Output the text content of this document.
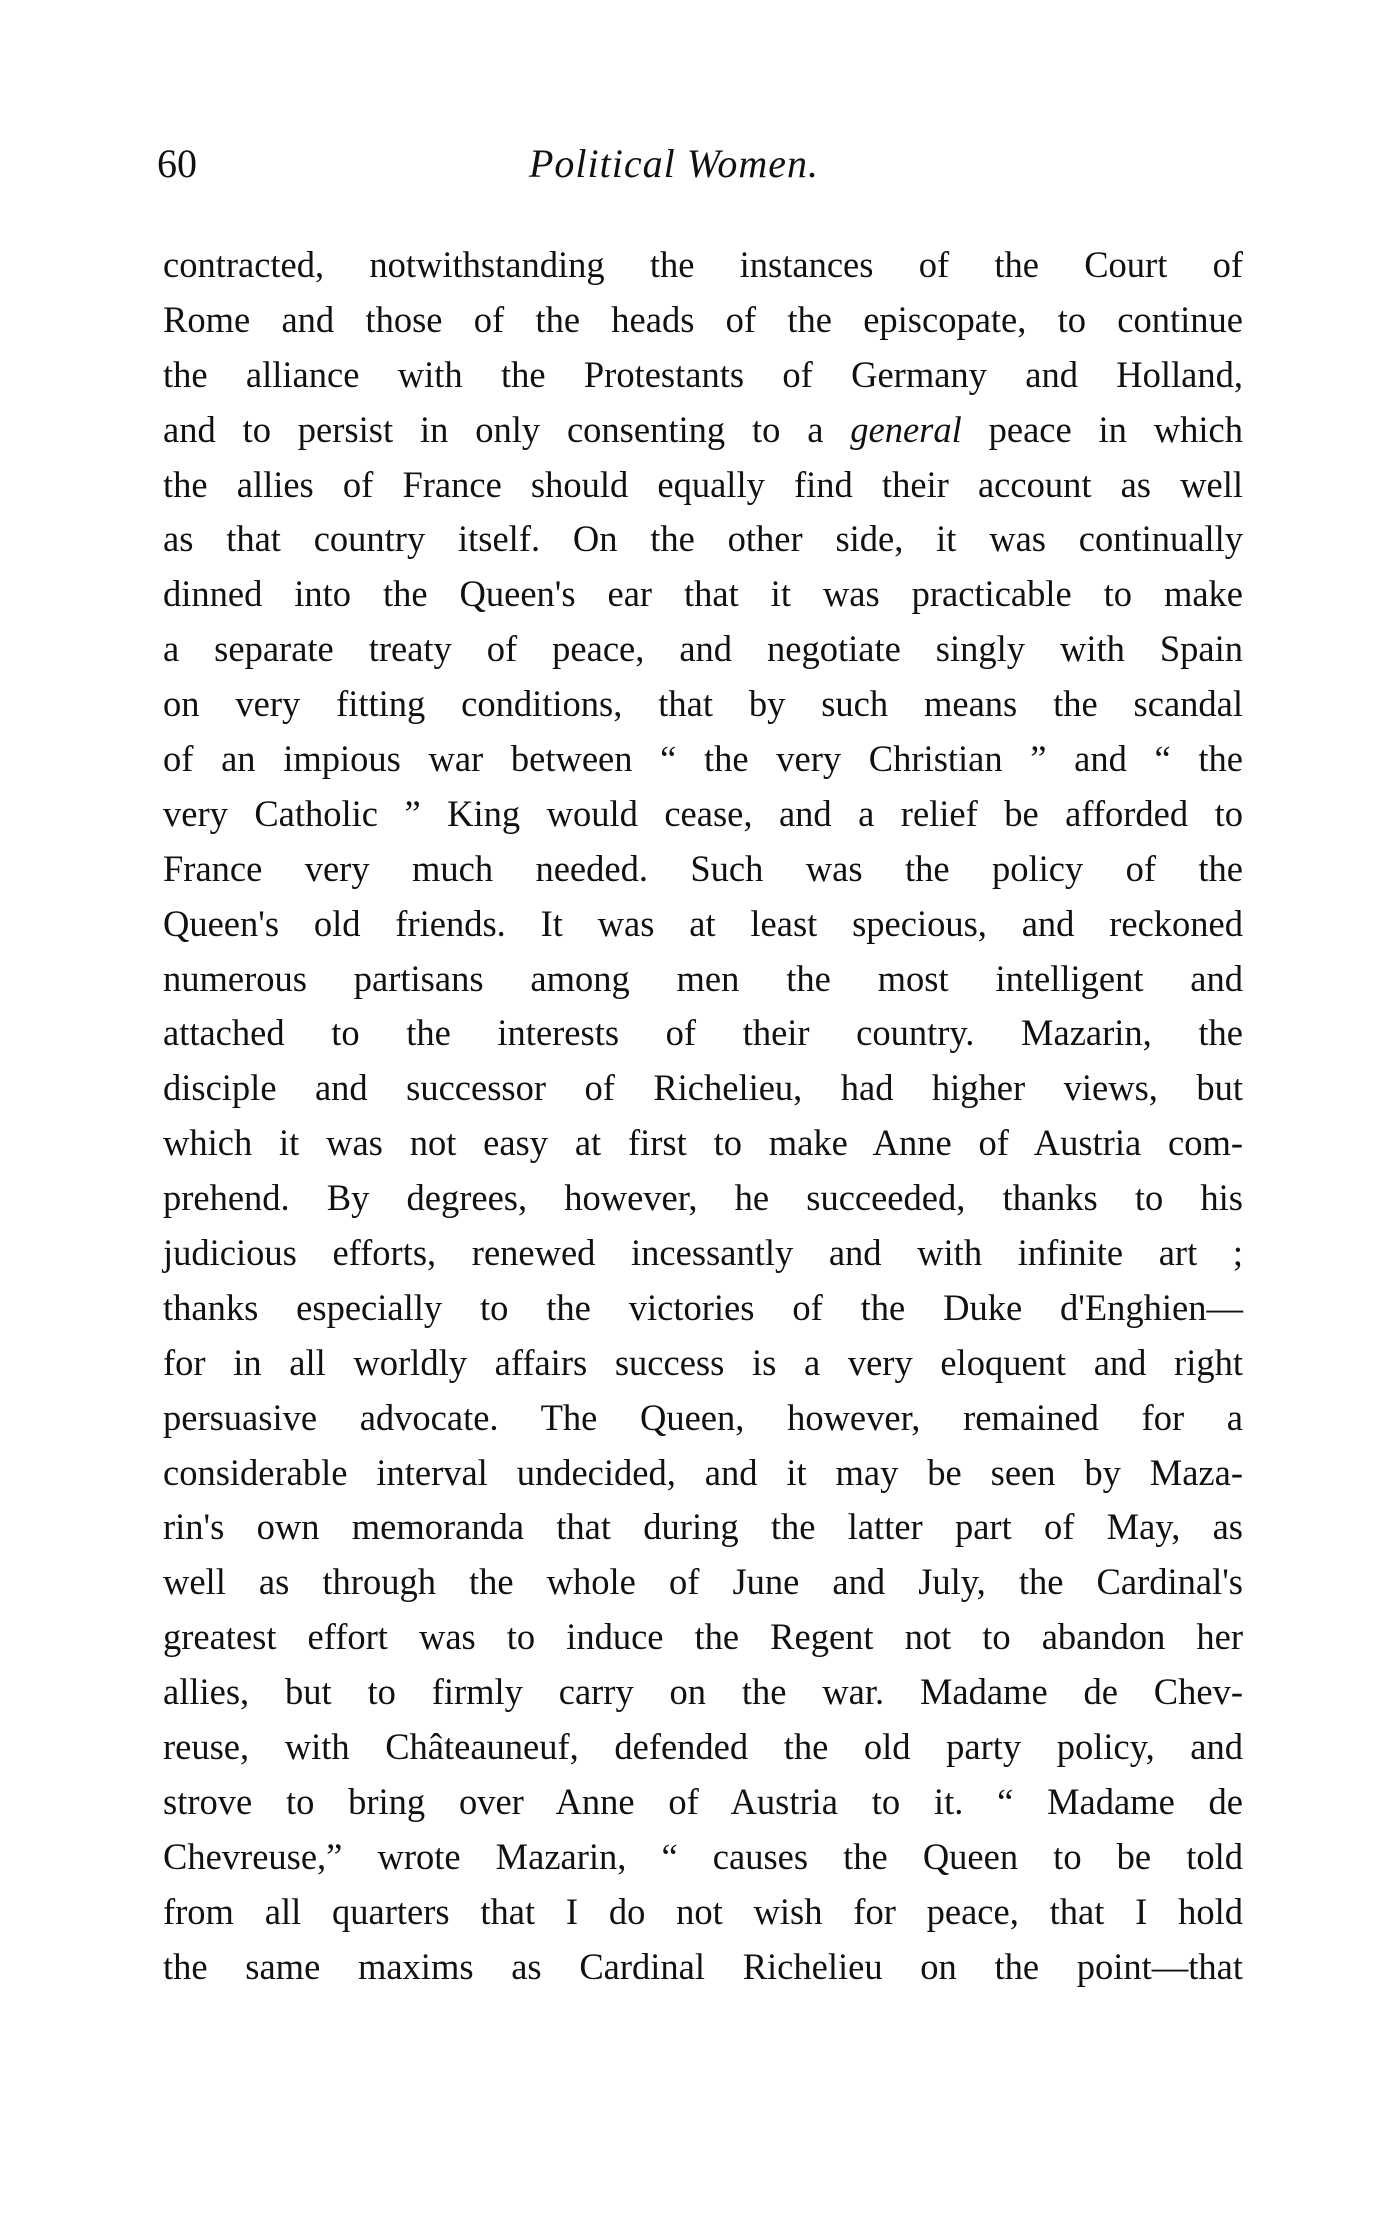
60	Political Women.
contracted, notwithstanding the instances of the Court of
Rome and those of the heads of the episcopate, to continue
the alliance with the Protestants of Germany and Holland,
and to persist in only consenting to a general peace in which
the allies of France should equally find their account as well
as that country itself. On the other side, it was continually
dinned into the Queen's ear that it was practicable to make
a separate treaty of peace, and negotiate singly with Spain
on very fitting conditions, that by such means the scandal
of an impious war between “ the very Christian ” and “ the
very Catholic ” King would cease, and a relief be afforded to
France very much needed. Such was the policy of the
Queen's old friends. It was at least specious, and reckoned
numerous partisans among men the most intelligent and
attached to the interests of their country. Mazarin, the
disciple and successor of Richelieu, had higher views, but
which it was not easy at first to make Anne of Austria com-
prehend. By degrees, however, he succeeded, thanks to his
judicious efforts, renewed incessantly and with infinite art ;
thanks especially to the victories of the Duke d'Enghien—
for in all worldly affairs success is a very eloquent and right
persuasive advocate. The Queen, however, remained for a
considerable interval undecided, and it may be seen by Maza-
rin's own memoranda that during the latter part of May, as
well as through the whole of June and July, the Cardinal's
greatest effort was to induce the Regent not to abandon her
allies, but to firmly carry on the war. Madame de Chev-
reuse, with Châteauneuf, defended the old party policy, and
strove to bring over Anne of Austria to it. “ Madame de
Chevreuse,” wrote Mazarin, “ causes the Queen to be told
from all quarters that I do not wish for peace, that I hold
the same maxims as Cardinal Richelieu on the point—that
